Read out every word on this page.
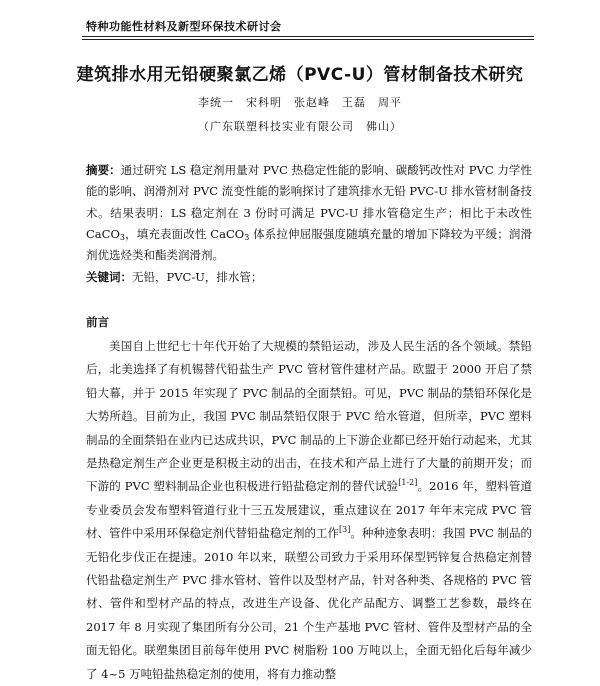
特种功能性材料及新型环保技术研讨会
建筑排水用无铅硬聚氯乙烯（PVC-U）管材制备技术研究
李统一　宋科明　张赵峰　王磊　周平
（广东联塑科技实业有限公司　佛山）
摘要：通过研究 LS 稳定剂用量对 PVC 热稳定性能的影响、碳酸钙改性对 PVC 力学性能的影响、润滑剂对 PVC 流变性能的影响探讨了建筑排水无铅 PVC-U 排水管材制备技术。结果表明：LS 稳定剂在 3 份时可满足 PVC-U 排水管稳定生产；相比于未改性 CaCO$_3$，填充表面改性 CaCO$_3$ 体系拉伸屈服强度随填充量的增加下降较为平缓；润滑剂优选烃类和酯类润滑剂。
关键词：无铅，PVC-U，排水管；
前言

美国自上世纪七十年代开始了大规模的禁铅运动，涉及人民生活的各个领域。禁铅后，北美选择了有机锡替代铅盐生产 PVC 管材管件建材产品。欧盟于 2000 开启了禁铅大幕，并于 2015 年实现了 PVC 制品的全面禁铅。可见，PVC 制品的禁铅环保化是大势所趋。目前为止，我国 PVC 制品禁铅仅限于 PVC 给水管道，但所幸，PVC 塑料制品的全面禁铅在业内已达成共识，PVC 制品的上下游企业都已经开始行动起来，尤其是热稳定剂生产企业更是积极主动的出击，在技术和产品上进行了大量的前期开发；而下游的 PVC 塑料制品企业也积极进行铅盐稳定剂的替代试验[1-2]。2016 年，塑料管道专业委员会发布塑料管道行业十三五发展建议，重点建议在 2017 年年末完成 PVC 管材、管件中采用环保稳定剂代替铅盐稳定剂的工作[3]。种种迹象表明：我国 PVC 制品的无铅化步伐正在提速。2010 年以来，联塑公司致力于采用环保型钙锌复合热稳定剂替代铅盐稳定剂生产 PVC 排水管材、管件以及型材产品，针对各种类、各规格的 PVC 管材、管件和型材产品的特点，改进生产设备、优化产品配方、调整工艺参数，最终在 2017 年 8 月实现了集团所有分公司，21 个生产基地 PVC 管材、管件及型材产品的全面无铅化。联塑集团目前每年使用 PVC 树脂粉 100 万吨以上，全面无铅化后每年减少了 4~5 万吨铅盐热稳定剂的使用，将有力推动整
